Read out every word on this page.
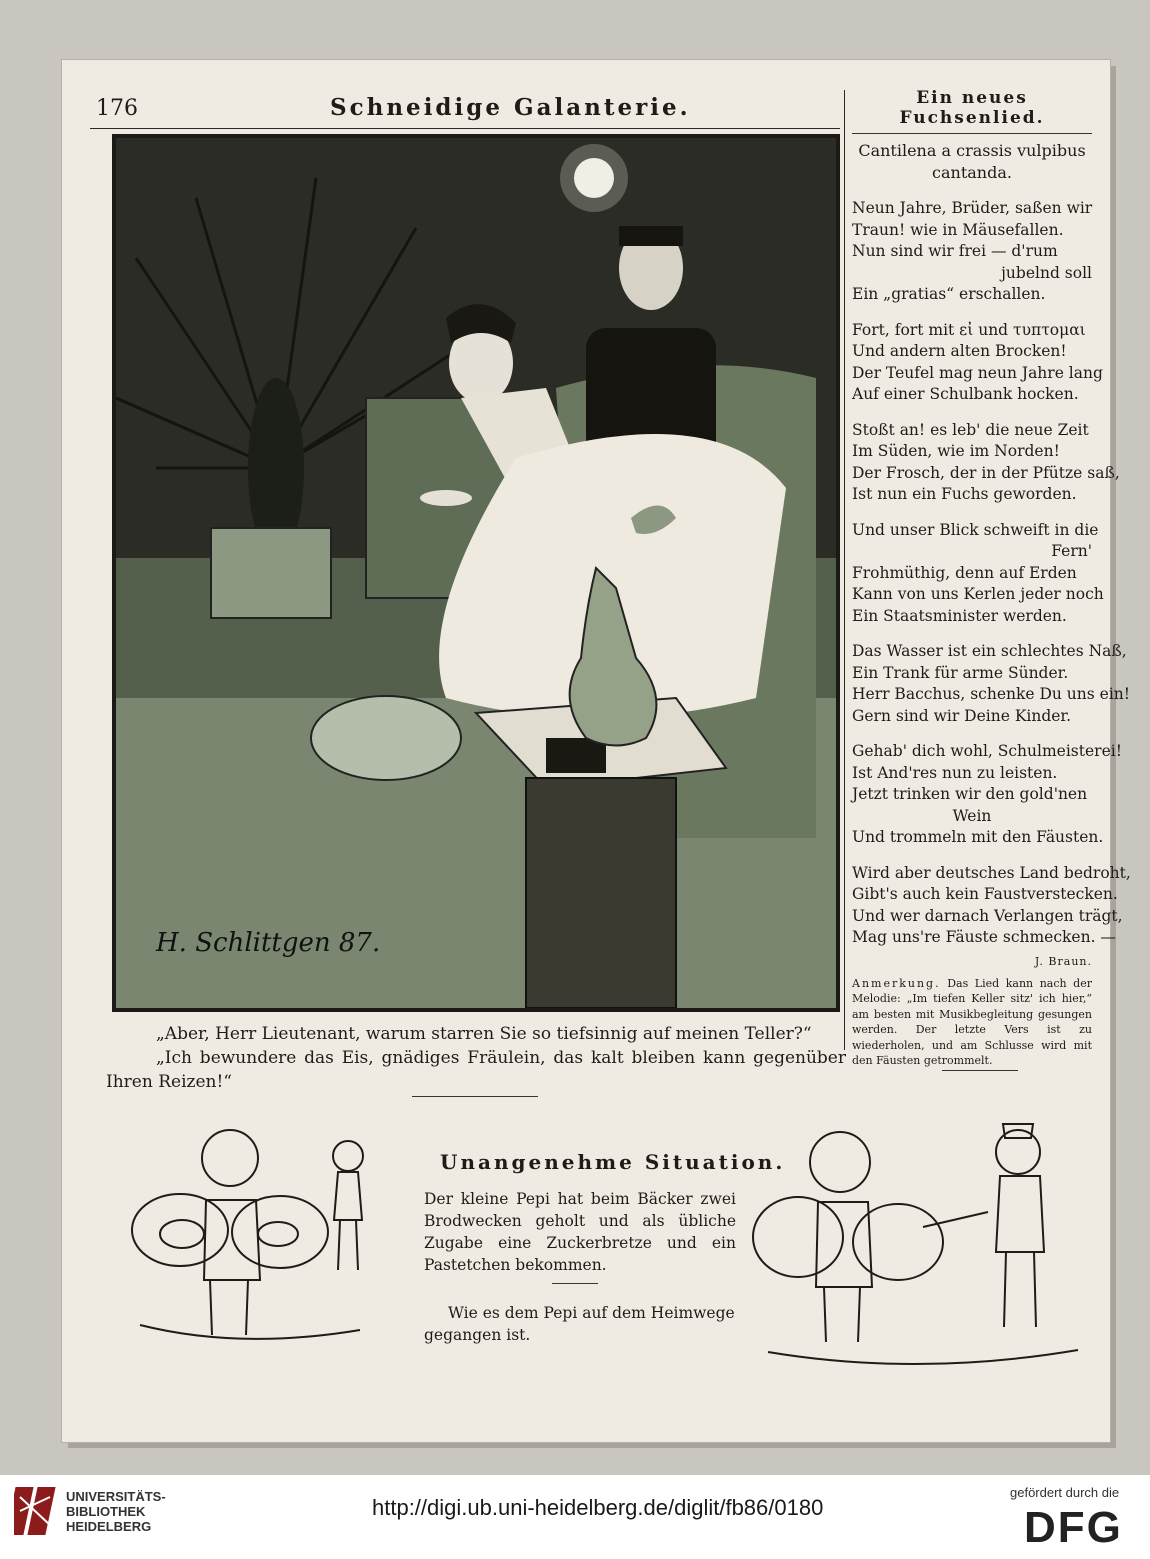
176	Schneidige Galanterie.
H. Schlittgen 87.
„Aber, Herr Lieutenant, warum starren Sie so tiefsinnig auf meinen Teller?“
„Ich bewundere das Eis, gnädiges Fräulein, das kalt bleiben kann gegenüber Ihren Reizen!“
Ein neues Fuchsenlied.
Cantilena a crassis vulpibus cantanda.
Neun Jahre, Brüder, saßen wir
Traun! wie in Mäusefallen.
Nun sind wir frei — d'rum
jubelnd soll
Ein „gratias“ erschallen.
Fort, fort mit εἰ und τυπτομαι
Und andern alten Brocken!
Der Teufel mag neun Jahre lang
Auf einer Schulbank hocken.
Stoßt an! es leb' die neue Zeit
Im Süden, wie im Norden!
Der Frosch, der in der Pfütze saß,
Ist nun ein Fuchs geworden.
Und unser Blick schweift in die
Fern'
Frohmüthig, denn auf Erden
Kann von uns Kerlen jeder noch
Ein Staatsminister werden.
Das Wasser ist ein schlechtes Naß,
Ein Trank für arme Sünder.
Herr Bacchus, schenke Du uns ein!
Gern sind wir Deine Kinder.
Gehab' dich wohl, Schulmeisterei!
Ist And'res nun zu leisten.
Jetzt trinken wir den gold'nen
Wein
Und trommeln mit den Fäusten.
Wird aber deutsches Land bedroht,
Gibt's auch kein Faustverstecken.
Und wer darnach Verlangen trägt,
Mag uns're Fäuste schmecken. —
J. Braun.
Anmerkung. Das Lied kann nach der Melodie: „Im tiefen Keller sitz' ich hier,“ am besten mit Musikbegleitung gesungen werden. Der letzte Vers ist zu wiederholen, und am Schlusse wird mit den Fäusten getrommelt.
Unangenehme Situation.
Der kleine Pepi hat beim Bäcker zwei Brodwecken geholt und als übliche Zugabe eine Zuckerbretze und ein Pastetchen bekommen.
Wie es dem Pepi auf dem Heimwege gegangen ist.
UNIVERSITÄTS-
BIBLIOTHEK
HEIDELBERG
http://digi.ub.uni-heidelberg.de/diglit/fb86/0180
gefördert durch die
DFG
